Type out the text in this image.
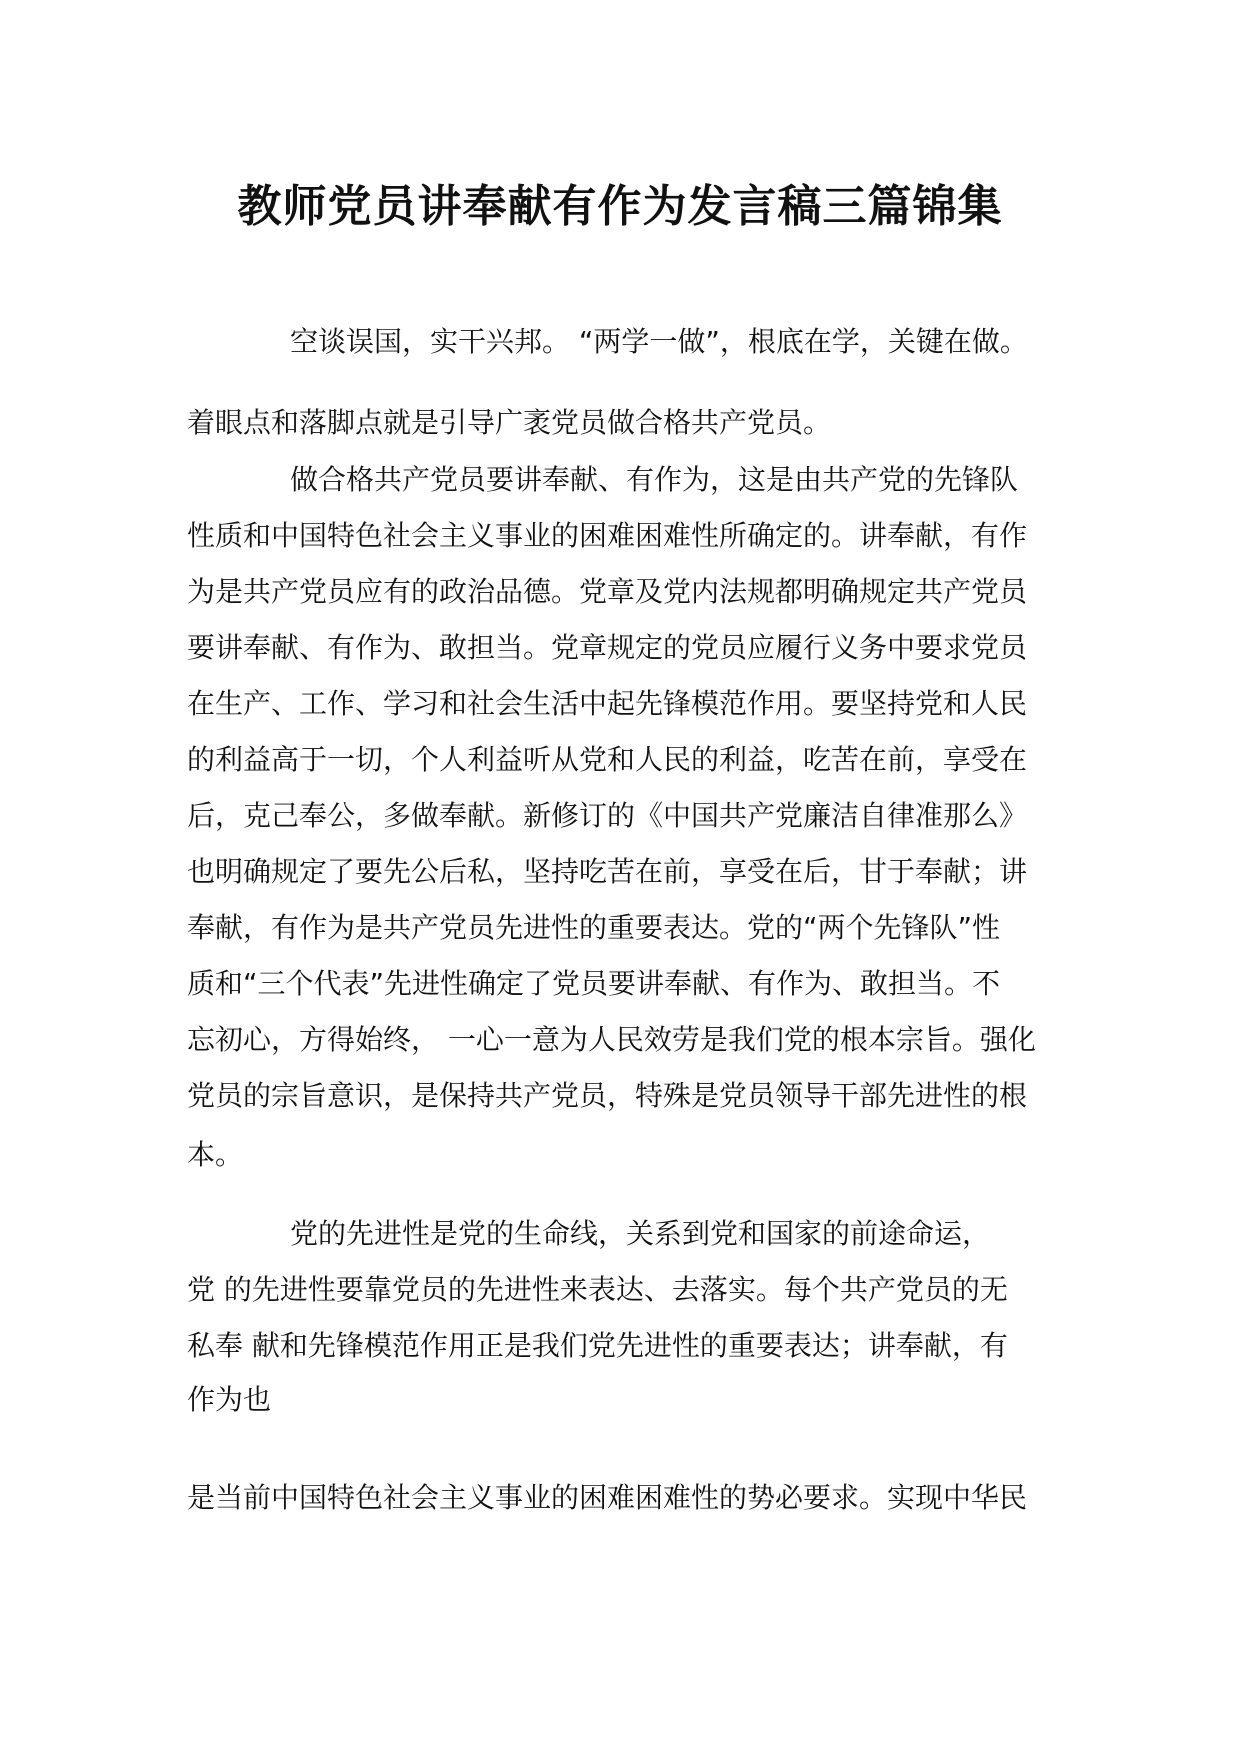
教师党员讲奉献有作为发言稿三篇锦集
空谈误国，实干兴邦。 “两学一做”，根底在学，关键在做。
着眼点和落脚点就是引导广袤党员做合格共产党员。
做合格共产党员要讲奉献、有作为，这是由共产党的先锋队
性质和中国特色社会主义事业的困难困难性所确定的。讲奉献，有作
为是共产党员应有的政治品德。党章及党内法规都明确规定共产党员
要讲奉献、有作为、敢担当。党章规定的党员应履行义务中要求党员
在生产、工作、学习和社会生活中起先锋模范作用。要坚持党和人民
的利益高于一切，个人利益听从党和人民的利益，吃苦在前，享受在
后，克己奉公，多做奉献。新修订的《中国共产党廉洁自律准那么》
也明确规定了要先公后私，坚持吃苦在前，享受在后，甘于奉献；讲
奉献，有作为是共产党员先进性的重要表达。党的“两个先锋队”性
质和“三个代表”先进性确定了党员要讲奉献、有作为、敢担当。不
忘初心，方得始终， 一心一意为人民效劳是我们党的根本宗旨。强化
党员的宗旨意识，是保持共产党员，特殊是党员领导干部先进性的根
本。
党的先进性是党的生命线，关系到党和国家的前途命运，
党 的先进性要靠党员的先进性来表达、去落实。每个共产党员的无
私奉 献和先锋模范作用正是我们党先进性的重要表达；讲奉献，有
作为也
是当前中国特色社会主义事业的困难困难性的势必要求。实现中华民
